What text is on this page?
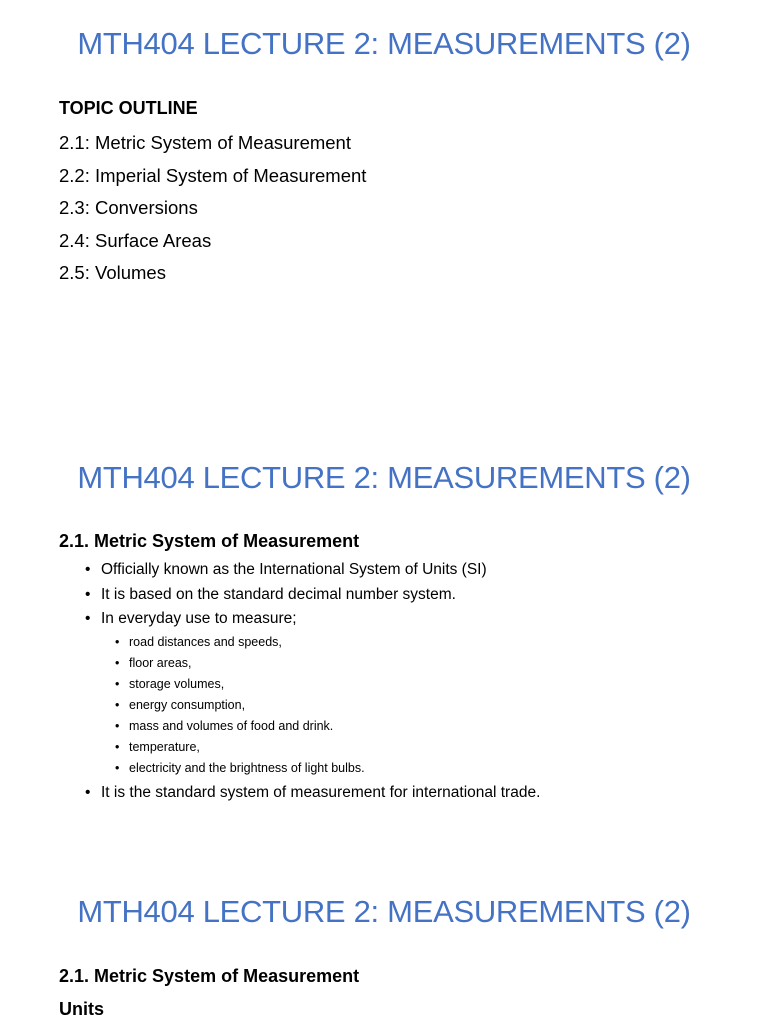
MTH404 LECTURE 2: MEASUREMENTS (2)

TOPIC OUTLINE

2.1: Metric System of Measurement

2.2: Imperial System of Measurement

2.3: Conversions

2.4: Surface Areas

2.5: Volumes

MTH404 LECTURE 2: MEASUREMENTS (2)

2.1. Metric System of Measurement

• Officially known as the International System of Units (SI)
• It is based on the standard decimal number system.
• In everyday use to measure;
• road distances and speeds,
• floor areas,
• storage volumes,
• energy consumption,
• mass and volumes of food and drink.
• temperature,
• electricity and the brightness of light bulbs.
• It is the standard system of measurement for international trade.
MTH404 LECTURE 2: MEASUREMENTS (2)

2.1. Metric System of Measurement

Units
